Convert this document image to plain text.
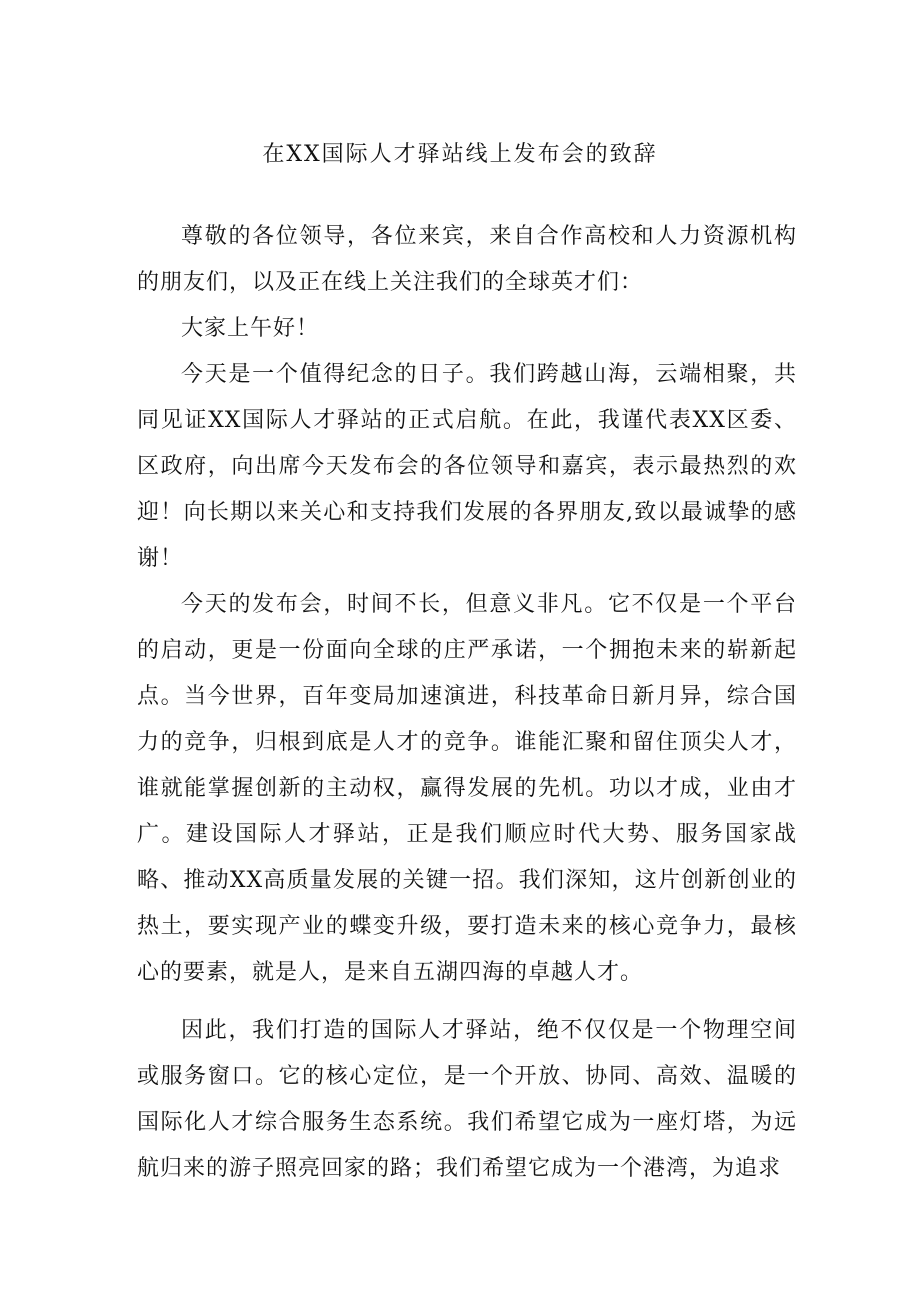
在XX国际人才驿站线上发布会的致辞

尊敬的各位领导，各位来宾，来自合作高校和人力资源机构的朋友们，以及正在线上关注我们的全球英才们：

大家上午好！

今天是一个值得纪念的日子。我们跨越山海，云端相聚，共同见证XX国际人才驿站的正式启航。在此，我谨代表XX区委、区政府，向出席今天发布会的各位领导和嘉宾，表示最热烈的欢迎！向长期以来关心和支持我们发展的各界朋友,致以最诚挚的感谢！

今天的发布会，时间不长，但意义非凡。它不仅是一个平台的启动，更是一份面向全球的庄严承诺，一个拥抱未来的崭新起点。当今世界，百年变局加速演进，科技革命日新月异，综合国力的竞争，归根到底是人才的竞争。谁能汇聚和留住顶尖人才，谁就能掌握创新的主动权，赢得发展的先机。功以才成，业由才广。建设国际人才驿站，正是我们顺应时代大势、服务国家战略、推动XX高质量发展的关键一招。我们深知，这片创新创业的热土，要实现产业的蝶变升级，要打造未来的核心竞争力，最核心的要素，就是人，是来自五湖四海的卓越人才。

因此，我们打造的国际人才驿站，绝不仅仅是一个物理空间或服务窗口。它的核心定位，是一个开放、协同、高效、温暖的国际化人才综合服务生态系统。我们希望它成为一座灯塔，为远航归来的游子照亮回家的路；我们希望它成为一个港湾，为追求
